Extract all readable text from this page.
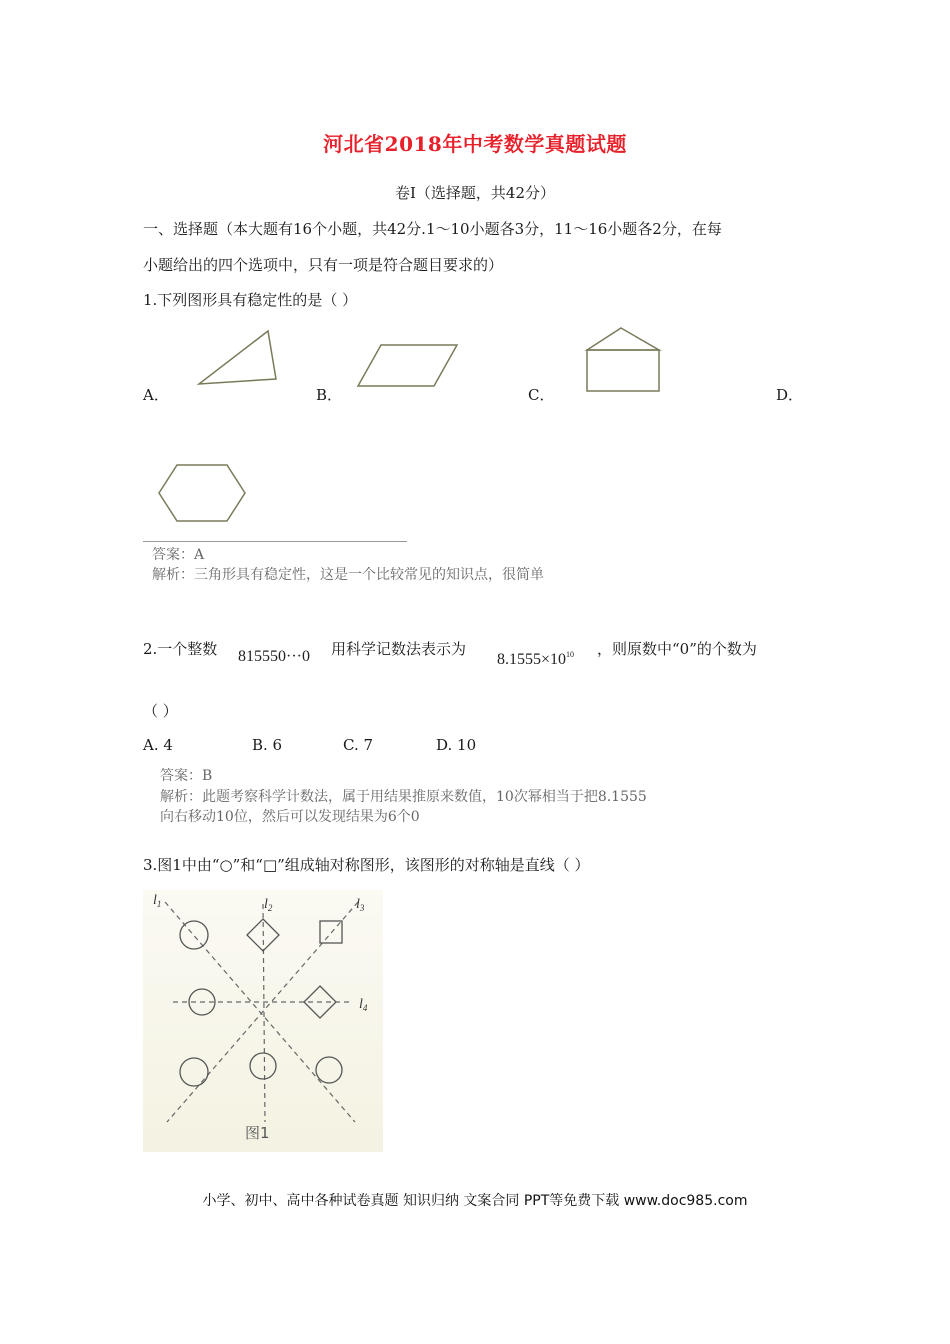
河北省2018年中考数学真题试题
卷Ⅰ（选择题，共42分）
一、选择题（本大题有16个小题，共42分.1～10小题各3分，11～16小题各2分，在每
小题给出的四个选项中，只有一项是符合题目要求的）
1.下列图形具有稳定性的是（ ）
A．	B．	C．	D．
答案：A
解析：三角形具有稳定性，这是一个比较常见的知识点，很简单
2.一个整数 815550···0 用科学记数法表示为
$8.1555\times 10^{10}$ ，则原数中“0”的个数为
（ ）
A. 4	B. 6	C. 7	D. 10
答案：B
解析：此题考察科学计数法，属于用结果推原来数值，10次幂相当于把8.1555
向右移动10位，然后可以发现结果为6个0
3.图1中由“○”和“□”组成轴对称图形，该图形的对称轴是直线（ ）
$l_1$	$l_2$	$l_3$
$l_4$
图1
小学、初中、高中各种试卷真题 知识归纳 文案合同 PPT等免费下载 www.doc985.com
